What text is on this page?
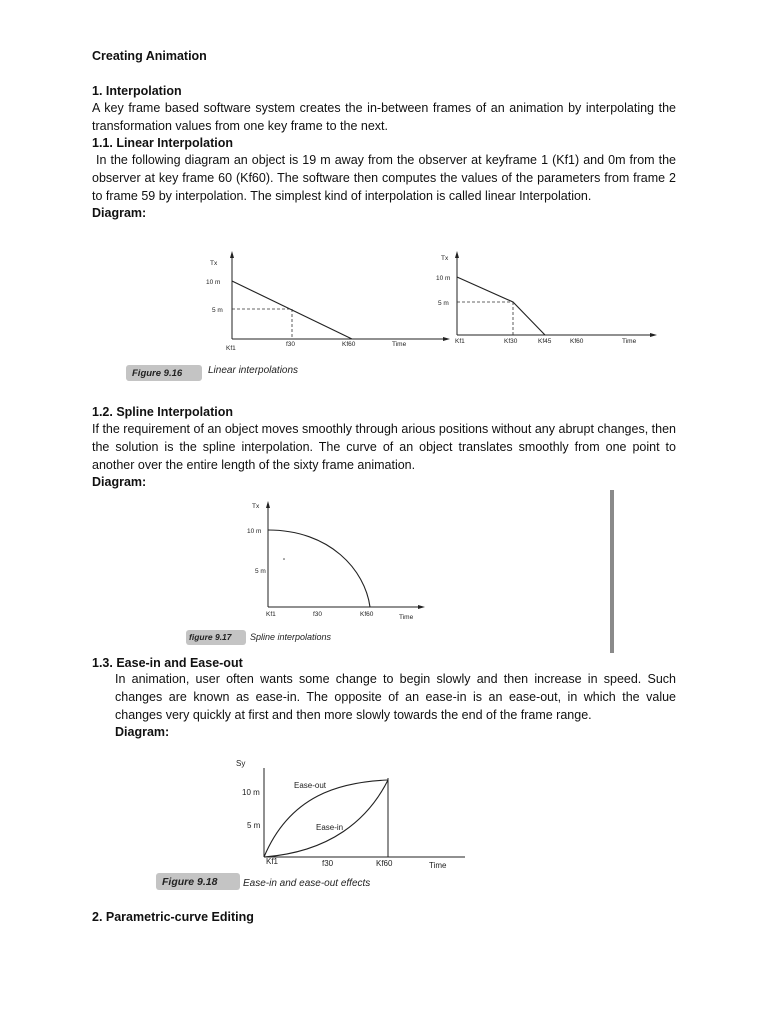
Creating Animation

1. Interpolation

A key frame based software system creates the in-between frames of an animation by interpolating the transformation values from one key frame to the next.

1.1. Linear Interpolation

In the following diagram an object is 19 m away from the observer at keyframe 1 (Kf1) and 0m from the observer at key frame 60 (Kf60). The software then computes the values of the parameters from frame 2 to frame 59 by interpolation. The simplest kind of interpolation is called linear Interpolation.

Diagram:

Tx
10 m
5 m
Kf1
f30	Kf60	Time
Tx
10 m
5 m
Kf1	Kf30	Kf45	Kf60	Time
Figure 9.16	Linear interpolations

1.2. Spline Interpolation

If the requirement of an object moves smoothly through arious positions without any abrupt changes, then the solution is the spline interpolation. The curve of an object translates smoothly from one point to another over the entire length of the sixty frame animation.

Diagram:

Tx
10 m
5 m
Kf1	f30	Kf60	Time
figure 9.17 Spline interpolations

1.3. Ease-in and Ease-out

In animation, user often wants some change to begin slowly and then increase in speed. Such changes are known as ease-in. The opposite of an ease-in is an ease-out, in which the value changes very quickly at first and then more slowly towards the end of the frame range.

Diagram:

Sy
10 m
5 m
Ease-out
Ease-in
Kf1	f30	Kf60	Time
Figure 9.18	Ease-in and ease-out effects

2. Parametric-curve Editing
